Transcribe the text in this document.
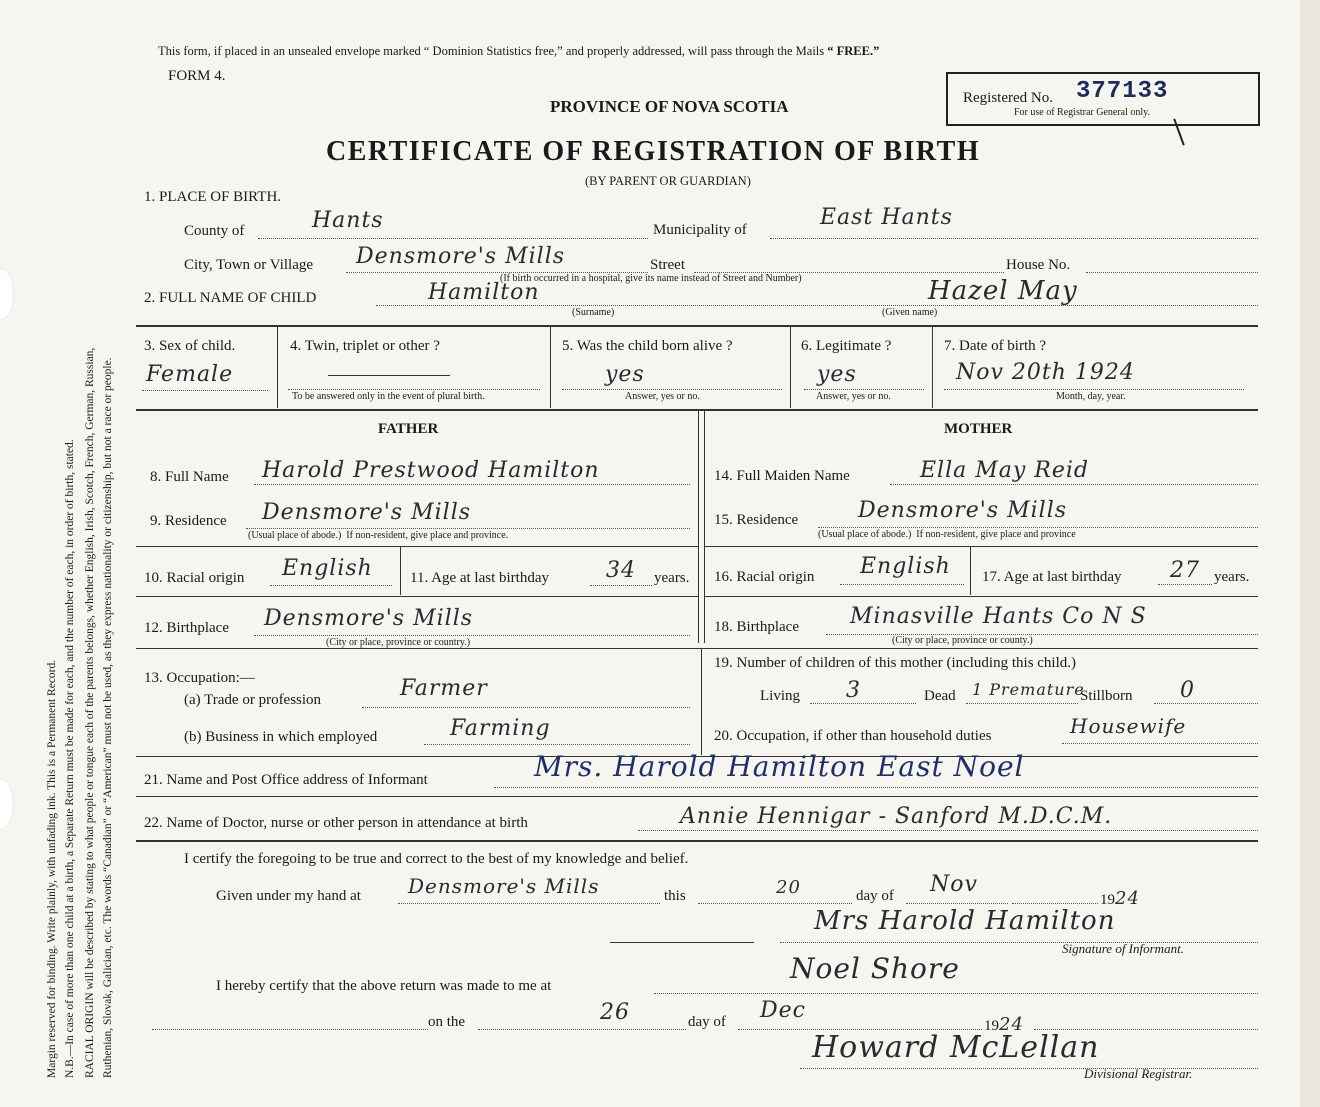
Margin reserved for binding. Write plainly, with unfading ink. This is a Permanent Record. N.B.—In case of more than one child at a birth, a Separate Return must be made for each, and the number of each, in order of birth, stated. RACIAL ORIGIN will be described by stating to what people or tongue each of the parents belongs, whether English, Irish, Scotch, French, German, Russian, Ruthenian, Slovak, Galician, etc. The words “Canadian” or “American” must not be used, as they express nationality or citizenship, but not a race or people.
This form, if placed in an unsealed envelope marked “ Dominion Statistics free,” and properly addressed, will pass through the Mails “ FREE.”
FORM 4.
PROVINCE OF NOVA SCOTIA	Registered No. 377133
For use of Registrar General only.
CERTIFICATE OF REGISTRATION OF BIRTH
(BY PARENT OR GUARDIAN)
1. PLACE OF BIRTH.
County of	Hants	Municipality of	East Hants
City, Town or Village Densmore's Mills	Street	House No.
(If birth occurred in a hospital, give its name instead of Street and Number)
2. FULL NAME OF CHILD	Hamilton
(Surname)
Hazel May
(Given name)
3. Sex of child.
Female
4. Twin, triplet or other ?
To be answered only in the event of plural birth.
5. Was the child born alive ?
yes
Answer, yes or no.
6. Legitimate ?
yes
Answer, yes or no.
7. Date of birth ?
Nov 20th 1924
Month, day, year.
FATHER	MOTHER
8. Full Name Harold Prestwood Hamilton	14. Full Maiden Name	Ella May Reid
9. Residence Densmore's Mills
(Usual place of abode.) If non-resident, give place and province.
15. Residence	Densmore's Mills
(Usual place of abode.) If non-resident, give place and province
10. Racial origin English 11. Age at last birthday	34 years. 16. Racial origin English 17. Age at last birthday 27 years.
12. Birthplace Densmore's Mills
(City or place, province or country.)
18. Birthplace Minasville Hants Co N S
(City or place, province or county.)
13. Occupation:—
(a) Trade or profession	Farmer
(b) Business in which employed	Farming
19. Number of children of this mother (including this child.)
Living 3	Dead 1 Premature
Stillborn 0
20. Occupation, if other than household duties	Housewife
21. Name and Post Office address of Informant	Mrs. Harold Hamilton East Noel
22. Name of Doctor, nurse or other person in attendance at birth	Annie Hennigar - Sanford M.D.C.M.
I certify the foregoing to be true and correct to the best of my knowledge and belief.
Given under my hand at Densmore's Mills	this	20	day of Nov
1924
Mrs Harold Hamilton
Signature of Informant.
I hereby certify that the above return was made to me at
Noel Shore
on the	26	day of Dec
1924
Howard McLellan
Divisional Registrar.
